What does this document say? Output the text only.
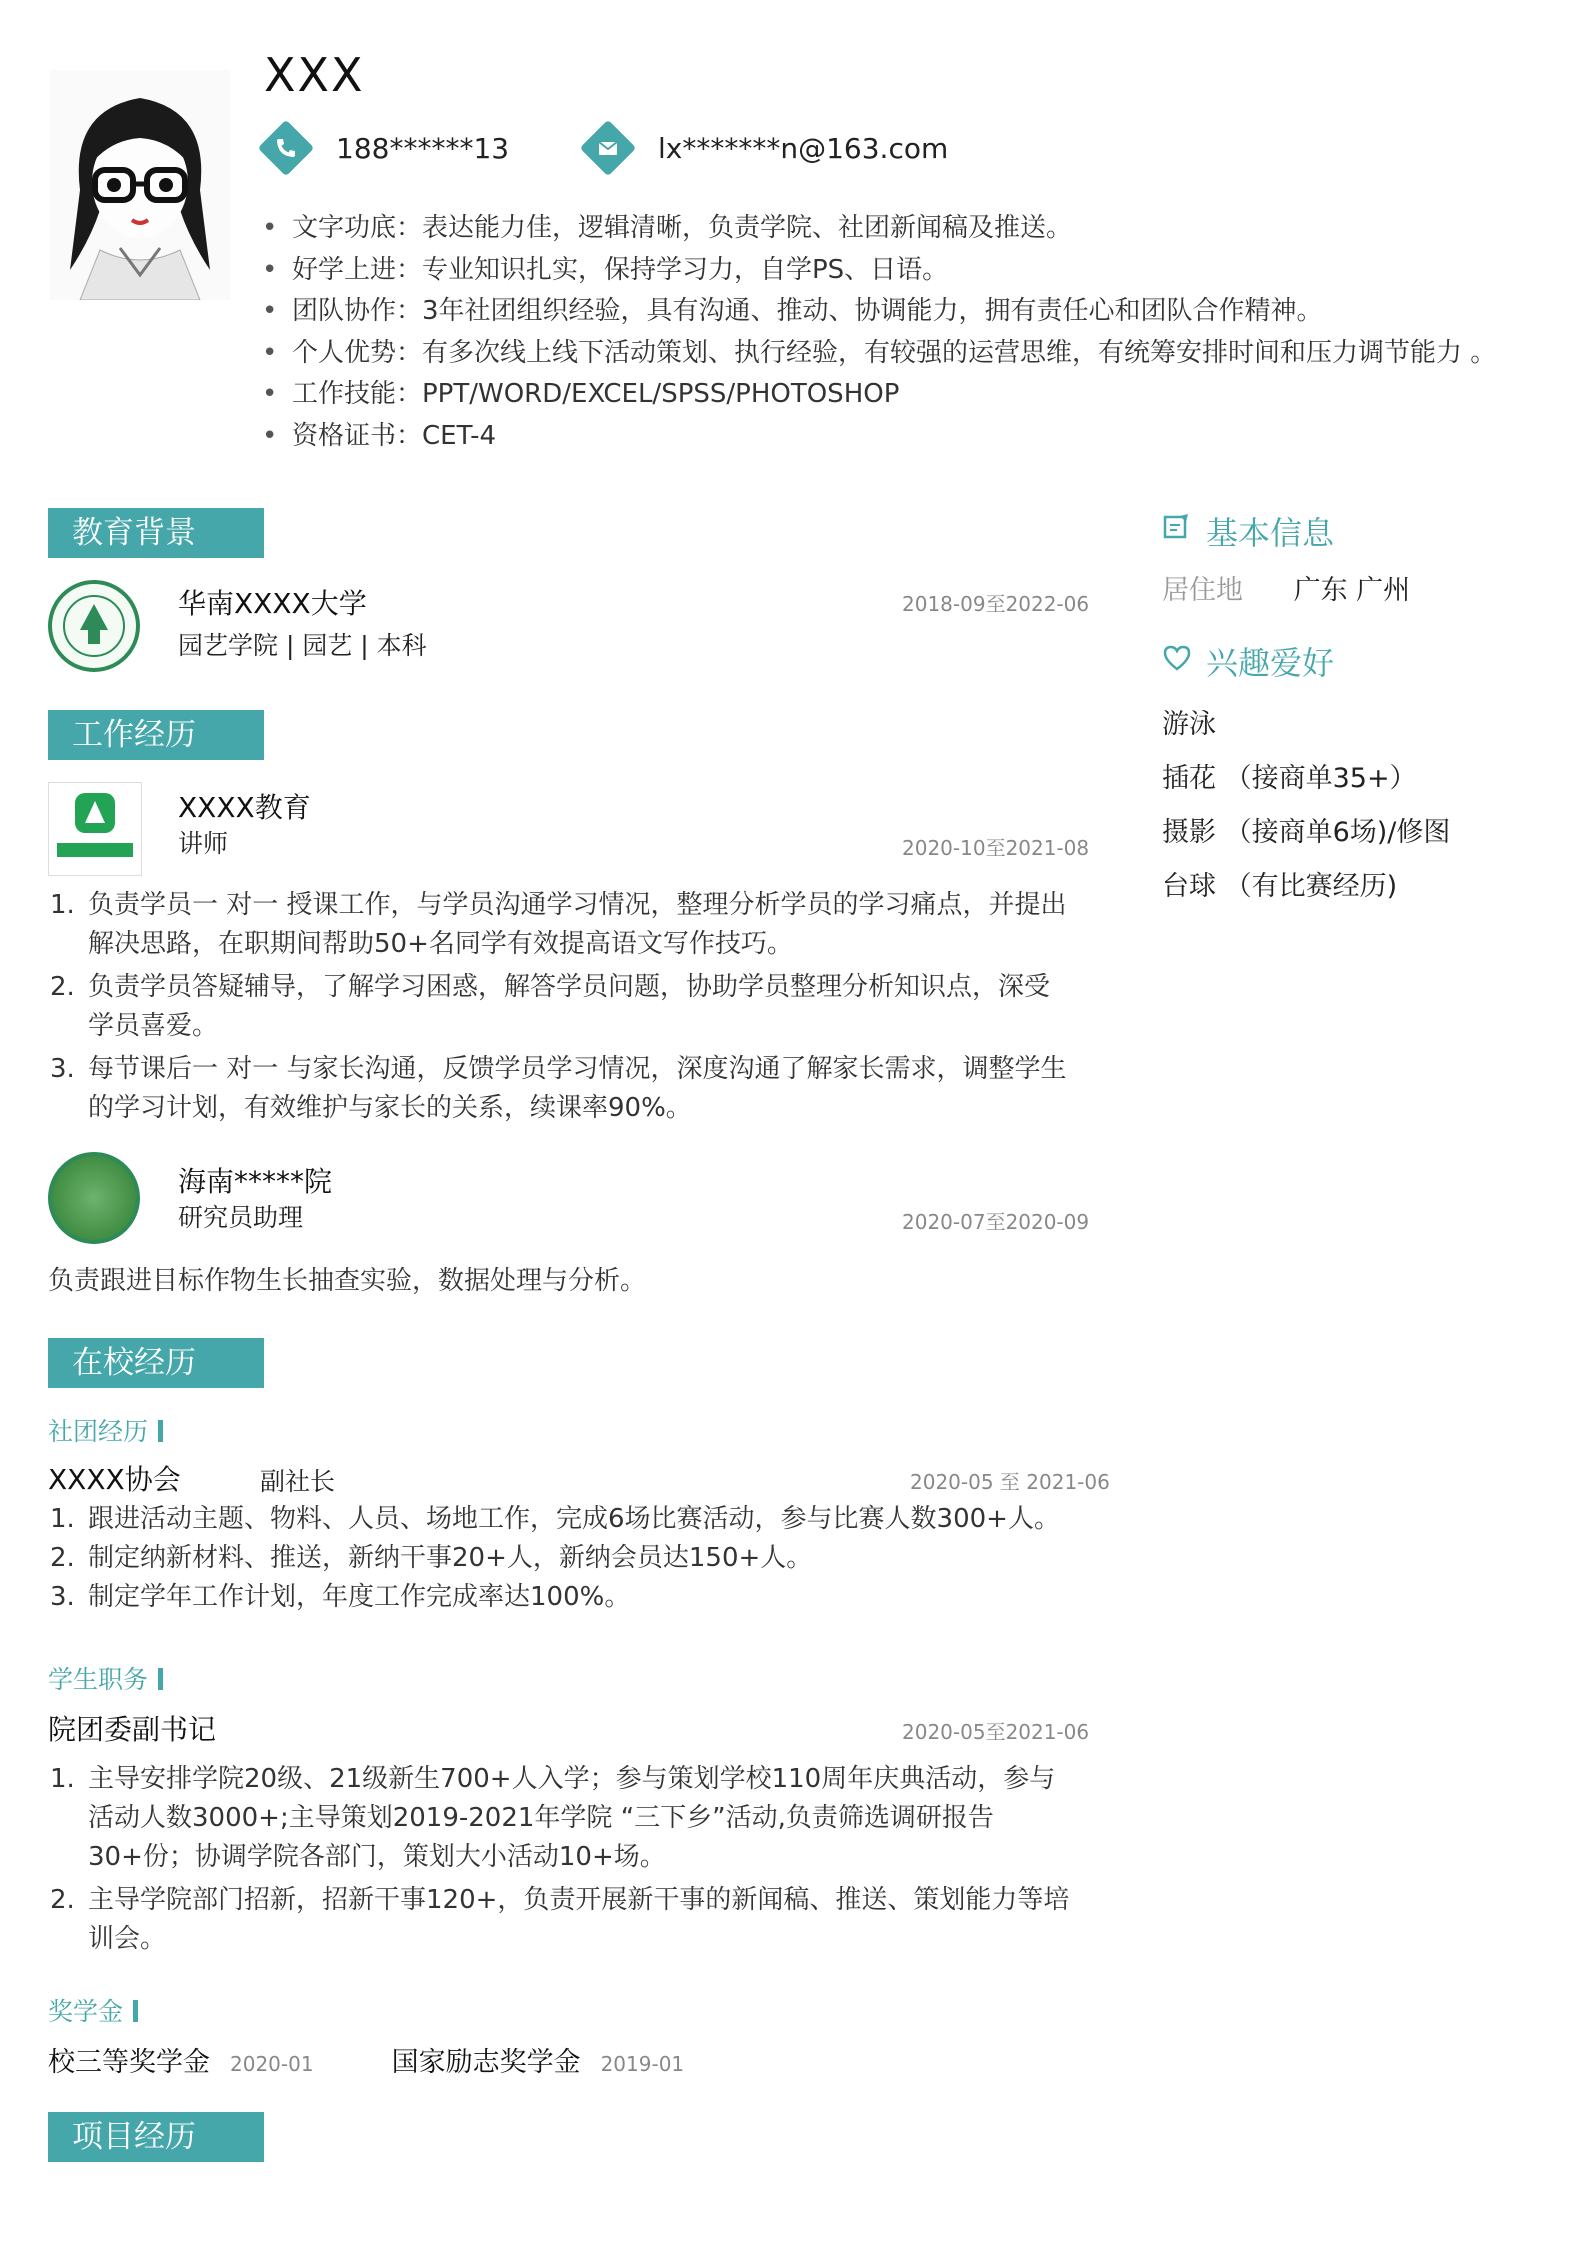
XXX
188******13	lx*******n@163.com
• 文字功底：表达能力佳，逻辑清晰，负责学院、社团新闻稿及推送。
• 好学上进：专业知识扎实，保持学习力，自学PS、日语。
• 团队协作：3年社团组织经验，具有沟通、推动、协调能力，拥有责任心和团队合作精神。
• 个人优势：有多次线上线下活动策划、执行经验，有较强的运营思维，有统筹安排时间和压力调节能力 。
• 工作技能：PPT/WORD/EXCEL/SPSS/PHOTOSHOP
• 资格证书：CET-4
教育背景
华南XXXX大学
园艺学院 | 园艺 | 本科
2018-09至2022-06
工作经历
XXXX教育
讲师	2020-10至2021-08
1. 负责学员一 对一 授课工作，与学员沟通学习情况，整理分析学员的学习痛点，并提出解决思路，在职期间帮助50+名同学有效提高语文写作技巧。
2. 负责学员答疑辅导，了解学习困惑，解答学员问题，协助学员整理分析知识点，深受学员喜爱。
3. 每节课后一 对一 与家长沟通，反馈学员学习情况，深度沟通了解家长需求，调整学生的学习计划，有效维护与家长的关系，续课率90%。
海南*****院
研究员助理	2020-07至2020-09
负责跟进目标作物生长抽查实验，数据处理与分析。
在校经历
社团经历
XXXX协会	副社长	2020-05 至 2021-06
1. 跟进活动主题、物料、人员、场地工作，完成6场比赛活动，参与比赛人数300+人。
2. 制定纳新材料、推送，新纳干事20+人，新纳会员达150+人。
3. 制定学年工作计划，年度工作完成率达100%。
学生职务
院团委副书记	2020-05至2021-06
1. 主导安排学院20级、21级新生700+人入学；参与策划学校110周年庆典活动，参与活动人数3000+;主导策划2019-2021年学院 “三下乡”活动,负责筛选调研报告30+份；协调学院各部门，策划大小活动10+场。
2. 主导学院部门招新，招新干事120+，负责开展新干事的新闻稿、推送、策划能力等培训会。
奖学金
校三等奖学金 2020-01	国家励志奖学金 2019-01
项目经历
基本信息
居住地 广东 广州
兴趣爱好
游泳
插花 （接商单35+）
摄影 （接商单6场)/修图
台球 （有比赛经历)
